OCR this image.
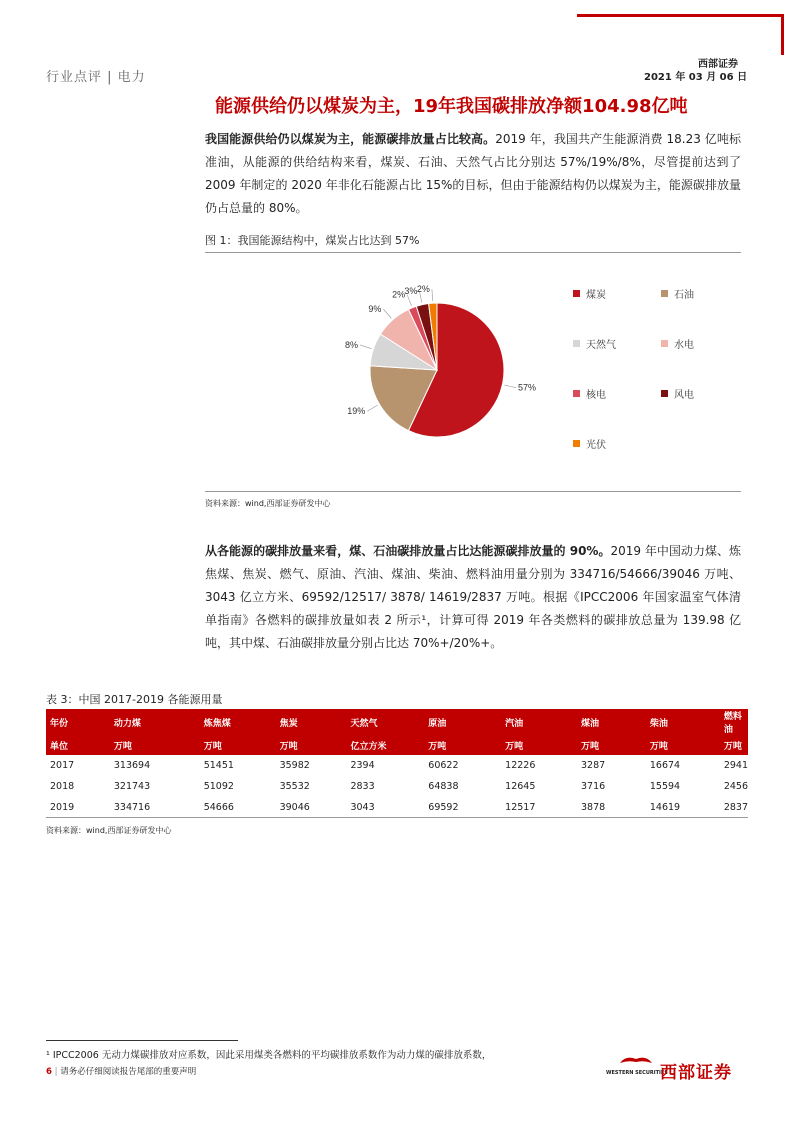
西部证券
2021 年 03 月 06 日
行业点评 | 电力
能源供给仍以煤炭为主，19年我国碳排放净额104.98亿吨
我国能源供给仍以煤炭为主，能源碳排放量占比较高。2019 年，我国共产生能源消费 18.23 亿吨标准油，从能源的供给结构来看，煤炭、石油、天然气占比分别达 57%/19%/8%，尽管提前达到了 2009 年制定的 2020 年非化石能源占比 15%的目标，但由于能源结构仍以煤炭为主，能源碳排放量仍占总量的 80%。
图 1：我国能源结构中，煤炭占比达到 57%
57%
19%
8%
9%
2% 3% 2%
煤炭	石油
天然气	水电
核电	风电
光伏
资料来源：wind,西部证券研发中心
从各能源的碳排放量来看，煤、石油碳排放量占比达能源碳排放量的 90%。2019 年中国动力煤、炼焦煤、焦炭、燃气、原油、汽油、煤油、柴油、燃料油用量分别为 334716/54666/39046 万吨、3043 亿立方米、69592/12517/ 3878/ 14619/2837 万吨。根据《IPCC2006 年国家温室气体清单指南》各燃料的碳排放量如表 2 所示¹，计算可得 2019 年各类燃料的碳排放总量为 139.98 亿吨，其中煤、石油碳排放量分别占比达 70%+/20%+。
表 3：中国 2017-2019 各能源用量
年份	动力煤	炼焦煤	焦炭	天然气	原油	汽油	煤油	柴油	燃料油
单位	万吨	万吨	万吨	亿立方米	万吨	万吨	万吨	万吨	万吨
2017	313694	51451	35982	2394	60622	12226	3287	16674	2941
2018	321743	51092	35532	2833	64838	12645	3716	15594	2456
2019	334716	54666	39046	3043	69592	12517	3878	14619	2837
资料来源：wind,西部证券研发中心
¹ IPCC2006 无动力煤碳排放对应系数，因此采用煤类各燃料的平均碳排放系数作为动力煤的碳排放系数，
6 | 请务必仔细阅读报告尾部的重要声明	WESTERN SECURITIES
西部证券
